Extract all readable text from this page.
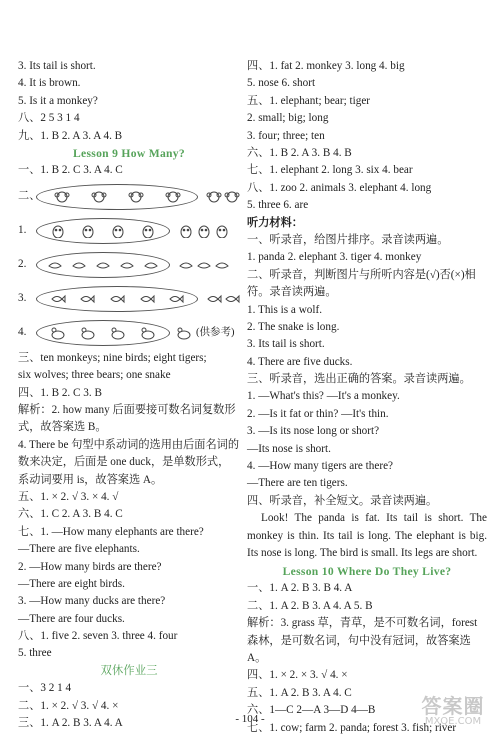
3. Its tail is short.
4. It is brown.
5. Is it a monkey?
八、2 5 3 1 4
九、1. B 2. A 3. A 4. B
Lesson 9 How Many?
一、1. B 2. C 3. A 4. C
二、
1.
2.
3.
4.	(供参考)
三、ten monkeys; nine birds; eight tigers;
six wolves; three bears; one snake
四、1. B 2. C 3. B
解析：2. how many 后面要接可数名词复数形式，故答案选 B。
4. There be 句型中系动词的选用由后面名词的数来决定，后面是 one duck，是单数形式，系动词要用 is，故答案选 A。
五、1. × 2. √ 3. × 4. √
六、1. C 2. A 3. B 4. C
七、1. —How many elephants are there?
—There are five elephants.
2. —How many birds are there?
—There are eight birds.
3. —How many ducks are there?
—There are four ducks.
八、1. five 2. seven 3. three 4. four
5. three
双休作业三
一、3 2 1 4
二、1. × 2. √ 3. √ 4. ×
三、1. A 2. B 3. A 4. A
四、1. fat 2. monkey 3. long 4. big
5. nose 6. short
五、1. elephant; bear; tiger
2. small; big; long
3. four; three; ten
六、1. B 2. A 3. B 4. B
七、1. elephant 2. long 3. six 4. bear
八、1. zoo 2. animals 3. elephant 4. long
5. three 6. are
听力材料：
一、听录音，给图片排序。录音读两遍。
1. panda 2. elephant 3. tiger 4. monkey
二、听录音，判断图片与所听内容是(√)否(×)相符。录音读两遍。
1. This is a wolf.
2. The snake is long.
3. Its tail is short.
4. There are five ducks.
三、听录音，选出正确的答案。录音读两遍。
1. —What's this? —It's a monkey.
2. —Is it fat or thin? —It's thin.
3. —Is its nose long or short?
—Its nose is short.
4. —How many tigers are there?
—There are ten tigers.
四、听录音，补全短文。录音读两遍。
Look! The panda is fat. Its tail is short. The monkey is thin. Its tail is long. The elephant is big. Its nose is long. The bird is small. Its legs are short.
Lesson 10 Where Do They Live?
一、1. A 2. B 3. B 4. A
二、1. A 2. B 3. A 4. A 5. B
解析：3. grass 草，青草，是不可数名词，forest 森林，是可数名词，句中没有冠词，故答案选 A。
四、1. × 2. × 3. √ 4. ×
五、1. A 2. B 3. A 4. C
六、1—C 2—A 3—D 4—B
七、1. cow; farm 2. panda; forest 3. fish; river
- 104 -
答案圈
MXQE.COM
